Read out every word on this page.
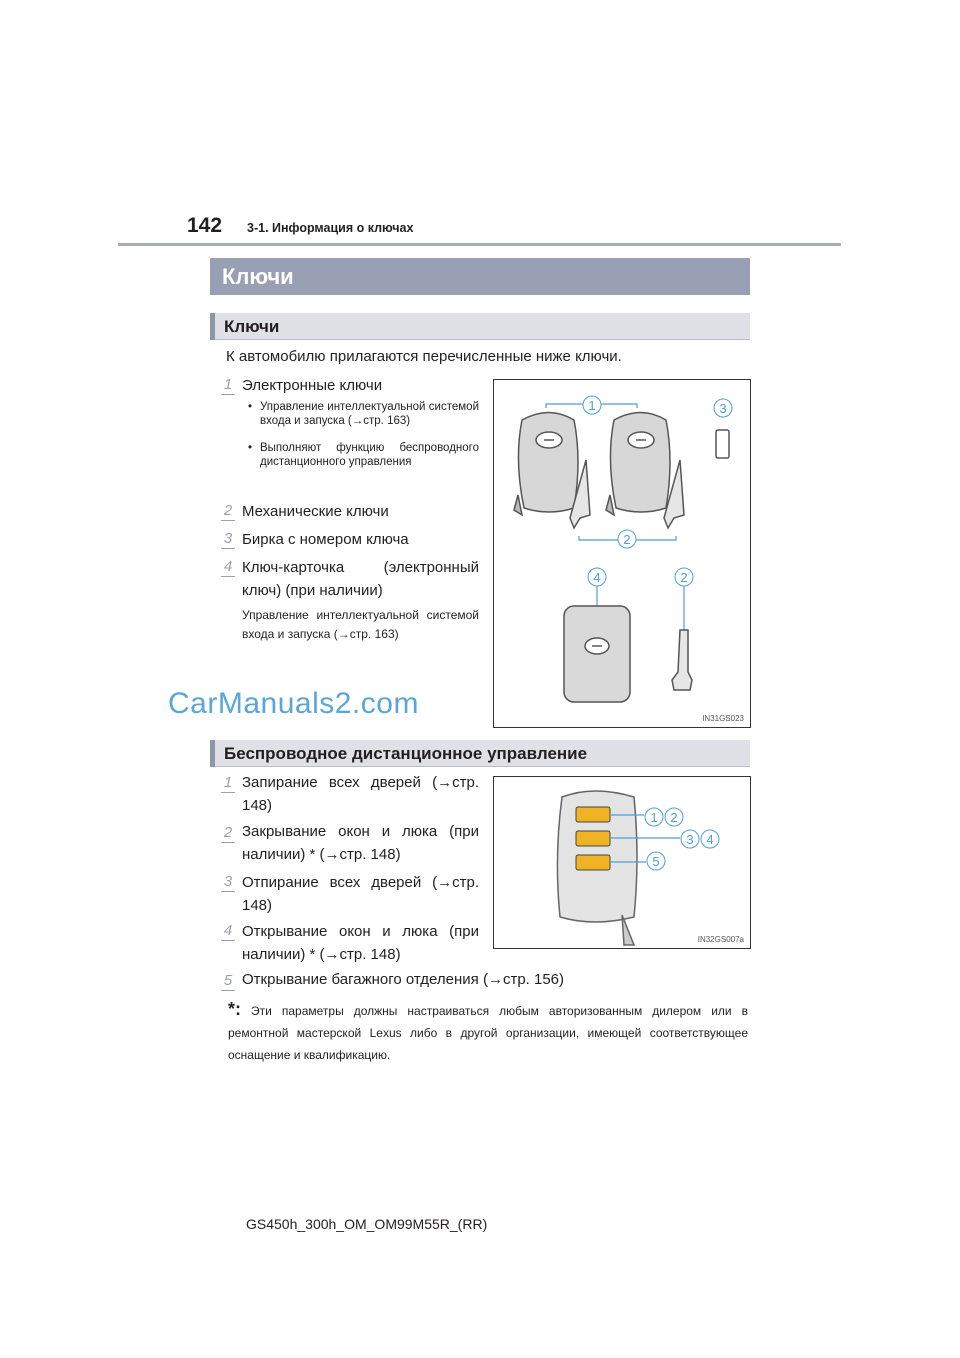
142 3-1. Информация о ключах
Ключи
Ключи
К автомобилю прилагаются перечисленные ниже ключи.
1 Электронные ключи
• Управление интеллектуальной системой входа и запуска (→стр. 163)
• Выполняют функцию беспроводного дистанционного управления
2 Механические ключи
3 Бирка с номером ключа
4 Ключ-карточка (электронный ключ) (при наличии)
Управление интеллектуальной системой входа и запуска (→стр. 163)
1	3
2
4	2
IN31GS023
CarManuals2.com
Беспроводное дистанционное управление
1 Запирание всех дверей (→стр. 148)
2 Закрывание окон и люка (при наличии) * (→стр. 148)
3 Отпирание всех дверей (→стр. 148)
4 Открывание окон и люка (при наличии) * (→стр. 148)
5 Открывание багажного отделения (→стр. 156)
1 2
3 4
5
IN32GS007a
*: Эти параметры должны настраиваться любым авторизованным дилером или в ремонтной мастерской Lexus либо в другой организации, имеющей соответствующее оснащение и квалификацию.
GS450h_300h_OM_OM99M55R_(RR)
